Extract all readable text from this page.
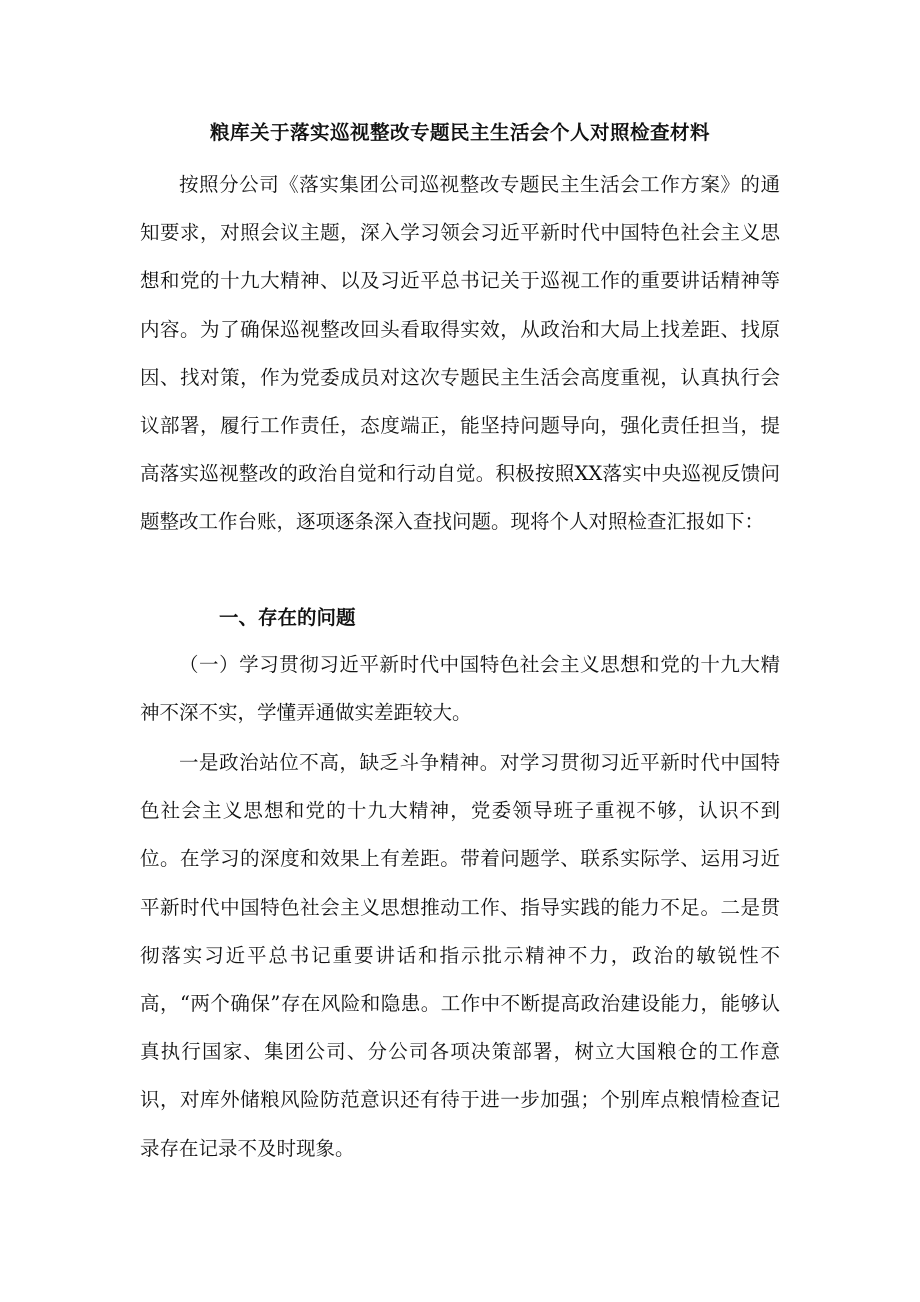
粮库关于落实巡视整改专题民主生活会个人对照检查材料

按照分公司《落实集团公司巡视整改专题民主生活会工作方案》的通知要求，对照会议主题，深入学习领会习近平新时代中国特色社会主义思想和党的十九大精神、以及习近平总书记关于巡视工作的重要讲话精神等内容。为了确保巡视整改回头看取得实效，从政治和大局上找差距、找原因、找对策，作为党委成员对这次专题民主生活会高度重视，认真执行会议部署，履行工作责任，态度端正，能坚持问题导向，强化责任担当，提高落实巡视整改的政治自觉和行动自觉。积极按照XX落实中央巡视反馈问题整改工作台账，逐项逐条深入查找问题。现将个人对照检查汇报如下：

一、存在的问题

（一）学习贯彻习近平新时代中国特色社会主义思想和党的十九大精神不深不实，学懂弄通做实差距较大。

一是政治站位不高，缺乏斗争精神。对学习贯彻习近平新时代中国特色社会主义思想和党的十九大精神，党委领导班子重视不够，认识不到位。在学习的深度和效果上有差距。带着问题学、联系实际学、运用习近平新时代中国特色社会主义思想推动工作、指导实践的能力不足。二是贯彻落实习近平总书记重要讲话和指示批示精神不力，政治的敏锐性不高，“两个确保”存在风险和隐患。工作中不断提高政治建设能力，能够认真执行国家、集团公司、分公司各项决策部署，树立大国粮仓的工作意识，对库外储粮风险防范意识还有待于进一步加强；个别库点粮情检查记录存在记录不及时现象。
